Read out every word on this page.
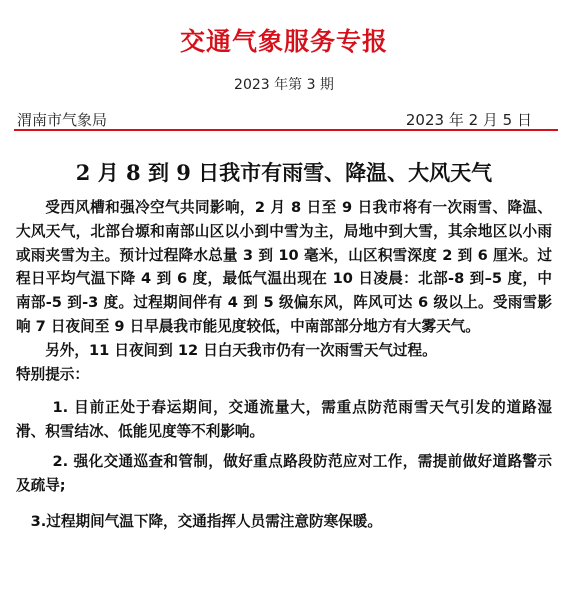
交通气象服务专报
2023 年第 3 期
渭南市气象局	2023 年 2 月 5 日
2 月 8 到 9 日我市有雨雪、降温、大风天气

受西风槽和强冷空气共同影响，2 月 8 日至 9 日我市将有一次雨雪、降温、大风天气，北部台塬和南部山区以小到中雪为主，局地中到大雪，其余地区以小雨或雨夹雪为主。预计过程降水总量 3 到 10 毫米，山区积雪深度 2 到 6 厘米。过程日平均气温下降 4 到 6 度，最低气温出现在 10 日凌晨：北部-8 到–5 度，中南部-5 到-3 度。过程期间伴有 4 到 5 级偏东风，阵风可达 6 级以上。受雨雪影响 7 日夜间至 9 日早晨我市能见度较低，中南部部分地方有大雾天气。

另外，11 日夜间到 12 日白天我市仍有一次雨雪天气过程。

特别提示：

1. 目前正处于春运期间，交通流量大，需重点防范雨雪天气引发的道路湿滑、积雪结冰、低能见度等不利影响。

2. 强化交通巡查和管制，做好重点路段防范应对工作，需提前做好道路警示及疏导;

3.过程期间气温下降，交通指挥人员需注意防寒保暖。
